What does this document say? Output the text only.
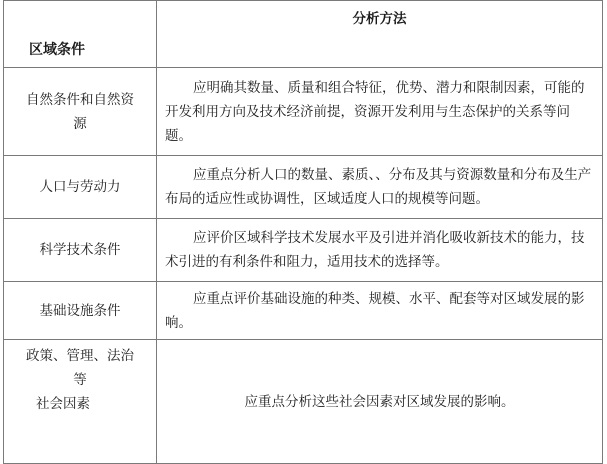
区域条件	分析方法

自然条件和自然资
源	应明确其数量、质量和组合特征，优势、潜力和限制因素，可能的开发利用方向及技术经济前提，资源开发利用与生态保护的关系等问题。
人口与劳动力	应重点分析人口的数量、素质、、分布及其与资源数量和分布及生产布局的适应性或协调性，区域适度人口的规模等问题。
科学技术条件	应评价区域科学技术发展水平及引进并消化吸收新技术的能力，技术引进的有利条件和阻力，适用技术的选择等。
基础设施条件	应重点评价基础设施的种类、规模、水平、配套等对区域发展的影响。

政策、管理、法治
等
社会因素	应重点分析这些社会因素对区域发展的影响。
